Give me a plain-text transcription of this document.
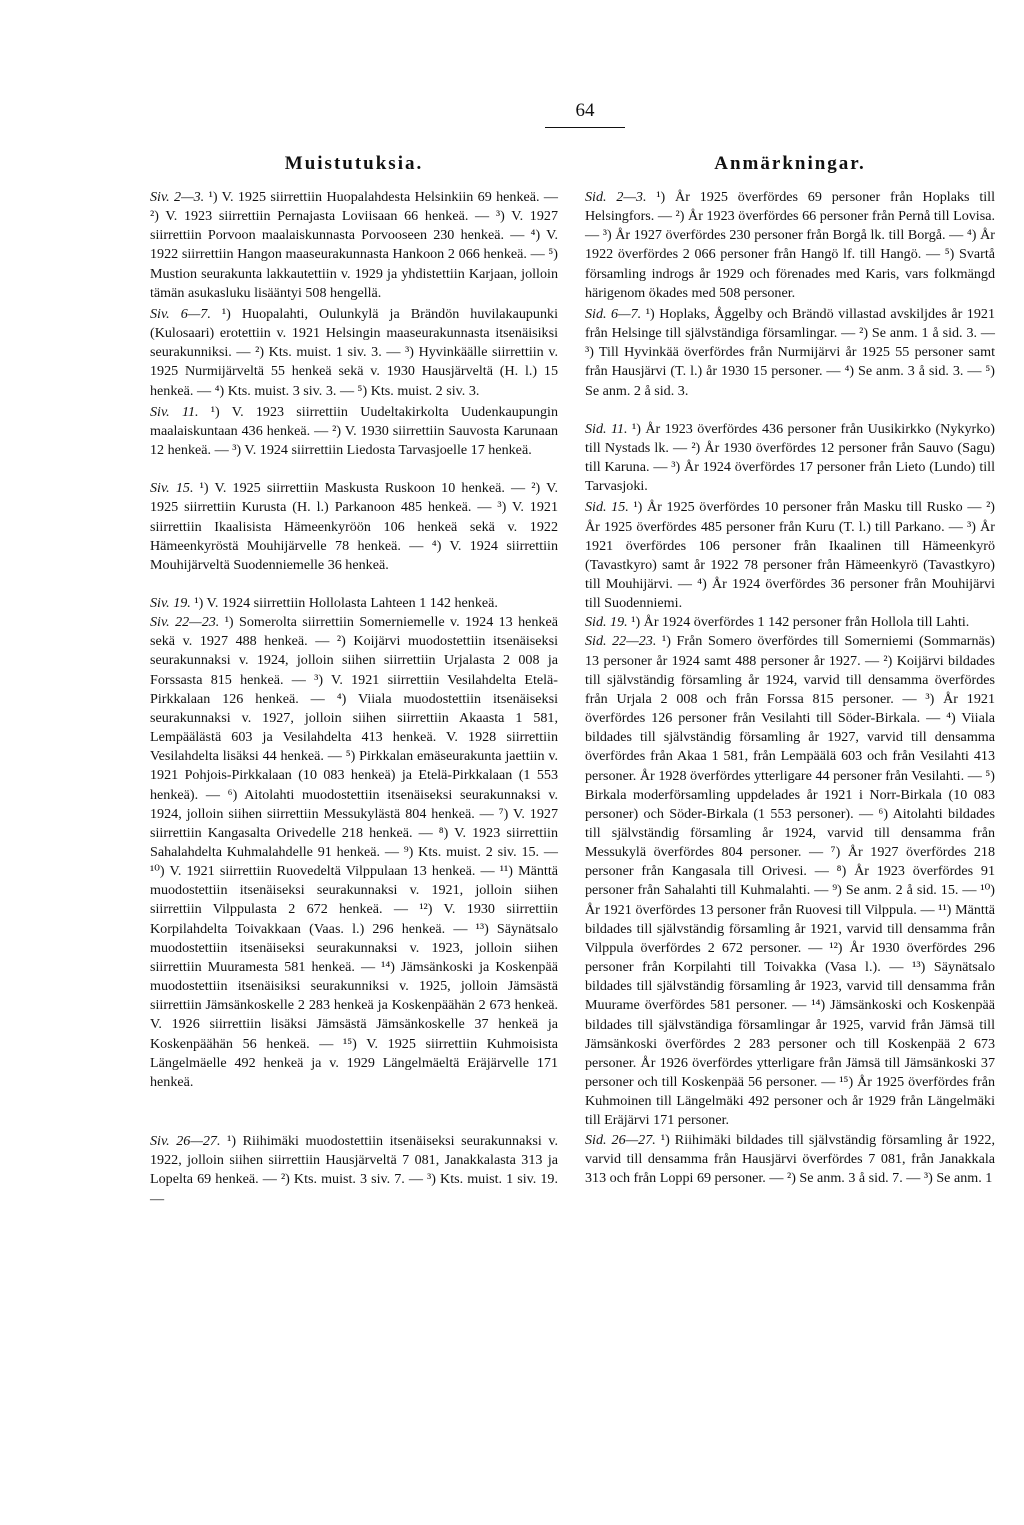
64
Muistutuksia.

Siv. 2—3. ¹) V. 1925 siirrettiin Huopalahdesta Helsinkiin 69 henkeä. — ²) V. 1923 siirrettiin Pernajasta Loviisaan 66 henkeä. — ³) V. 1927 siirrettiin Porvoon maalaiskunnasta Porvooseen 230 henkeä. — ⁴) V. 1922 siirrettiin Hangon maaseurakunnasta Hankoon 2 066 henkeä. — ⁵) Mustion seurakunta lakkautettiin v. 1929 ja yhdistettiin Karjaan, jolloin tämän asukasluku lisääntyi 508 hengellä.

Siv. 6—7. ¹) Huopalahti, Oulunkylä ja Brändön huvilakaupunki (Kulosaari) erotettiin v. 1921 Helsingin maaseurakunnasta itsenäisiksi seurakunniksi. — ²) Kts. muist. 1 siv. 3. — ³) Hyvinkäälle siirrettiin v. 1925 Nurmijärveltä 55 henkeä sekä v. 1930 Hausjärveltä (H. l.) 15 henkeä. — ⁴) Kts. muist. 3 siv. 3. — ⁵) Kts. muist. 2 siv. 3.

Siv. 11. ¹) V. 1923 siirrettiin Uudeltakirkolta Uudenkaupungin maalaiskuntaan 436 henkeä. — ²) V. 1930 siirrettiin Sauvosta Karunaan 12 henkeä. — ³) V. 1924 siirrettiin Liedosta Tarvasjoelle 17 henkeä.

Siv. 15. ¹) V. 1925 siirrettiin Maskusta Ruskoon 10 henkeä. — ²) V. 1925 siirrettiin Kurusta (H. l.) Parkanoon 485 henkeä. — ³) V. 1921 siirrettiin Ikaalisista Hämeenkyröön 106 henkeä sekä v. 1922 Hämeenkyröstä Mouhijärvelle 78 henkeä. — ⁴) V. 1924 siirrettiin Mouhijärveltä Suodenniemelle 36 henkeä.

Siv. 19. ¹) V. 1924 siirrettiin Hollolasta Lahteen 1 142 henkeä.

Siv. 22—23. ¹) Somerolta siirrettiin Somerniemelle v. 1924 13 henkeä sekä v. 1927 488 henkeä. — ²) Koijärvi muodostettiin itsenäiseksi seurakunnaksi v. 1924, jolloin siihen siirrettiin Urjalasta 2 008 ja Forssasta 815 henkeä. — ³) V. 1921 siirrettiin Vesilahdelta Etelä-Pirkkalaan 126 henkeä. — ⁴) Viiala muodostettiin itsenäiseksi seurakunnaksi v. 1927, jolloin siihen siirrettiin Akaasta 1 581, Lempäälästä 603 ja Vesilahdelta 413 henkeä. V. 1928 siirrettiin Vesilahdelta lisäksi 44 henkeä. — ⁵) Pirkkalan emäseurakunta jaettiin v. 1921 Pohjois-Pirkkalaan (10 083 henkeä) ja Etelä-Pirkkalaan (1 553 henkeä). — ⁶) Aitolahti muodostettiin itsenäiseksi seurakunnaksi v. 1924, jolloin siihen siirrettiin Messukylästä 804 henkeä. — ⁷) V. 1927 siirrettiin Kangasalta Orivedelle 218 henkeä. — ⁸) V. 1923 siirrettiin Sahalahdelta Kuhmalahdelle 91 henkeä. — ⁹) Kts. muist. 2 siv. 15. — ¹⁰) V. 1921 siirrettiin Ruovedeltä Vilppulaan 13 henkeä. — ¹¹) Mänttä muodostettiin itsenäiseksi seurakunnaksi v. 1921, jolloin siihen siirrettiin Vilppulasta 2 672 henkeä. — ¹²) V. 1930 siirrettiin Korpilahdelta Toivakkaan (Vaas. l.) 296 henkeä. — ¹³) Säynätsalo muodostettiin itsenäiseksi seurakunnaksi v. 1923, jolloin siihen siirrettiin Muuramesta 581 henkeä. — ¹⁴) Jämsänkoski ja Koskenpää muodostettiin itsenäisiksi seurakunniksi v. 1925, jolloin Jämsästä siirrettiin Jämsänkoskelle 2 283 henkeä ja Koskenpäähän 2 673 henkeä. V. 1926 siirrettiin lisäksi Jämsästä Jämsänkoskelle 37 henkeä ja Koskenpäähän 56 henkeä. — ¹⁵) V. 1925 siirrettiin Kuhmoisista Längelmäelle 492 henkeä ja v. 1929 Längelmäeltä Eräjärvelle 171 henkeä.

Siv. 26—27. ¹) Riihimäki muodostettiin itsenäiseksi seurakunnaksi v. 1922, jolloin siihen siirrettiin Hausjärveltä 7 081, Janakkalasta 313 ja Lopelta 69 henkeä. — ²) Kts. muist. 3 siv. 7. — ³) Kts. muist. 1 siv. 19. —

Anmärkningar.

Sid. 2—3. ¹) År 1925 överfördes 69 personer från Hoplaks till Helsingfors. — ²) År 1923 överfördes 66 personer från Pernå till Lovisa. — ³) År 1927 överfördes 230 personer från Borgå lk. till Borgå. — ⁴) År 1922 överfördes 2 066 personer från Hangö lf. till Hangö. — ⁵) Svartå församling indrogs år 1929 och förenades med Karis, vars folkmängd härigenom ökades med 508 personer.

Sid. 6—7. ¹) Hoplaks, Åggelby och Brändö villastad avskiljdes år 1921 från Helsinge till självständiga församlingar. — ²) Se anm. 1 å sid. 3. — ³) Till Hyvinkää överfördes från Nurmijärvi år 1925 55 personer samt från Hausjärvi (T. l.) år 1930 15 personer. — ⁴) Se anm. 3 å sid. 3. — ⁵) Se anm. 2 å sid. 3.

Sid. 11. ¹) År 1923 överfördes 436 personer från Uusikirkko (Nykyrko) till Nystads lk. — ²) År 1930 överfördes 12 personer från Sauvo (Sagu) till Karuna. — ³) År 1924 överfördes 17 personer från Lieto (Lundo) till Tarvasjoki.

Sid. 15. ¹) År 1925 överfördes 10 personer från Masku till Rusko — ²) År 1925 överfördes 485 personer från Kuru (T. l.) till Parkano. — ³) År 1921 överfördes 106 personer från Ikaalinen till Hämeenkyrö (Tavastkyro) samt år 1922 78 personer från Hämeenkyrö (Tavastkyro) till Mouhijärvi. — ⁴) År 1924 överfördes 36 personer från Mouhijärvi till Suodenniemi.

Sid. 19. ¹) År 1924 överfördes 1 142 personer från Hollola till Lahti.

Sid. 22—23. ¹) Från Somero överfördes till Somerniemi (Sommarnäs) 13 personer år 1924 samt 488 personer år 1927. — ²) Koijärvi bildades till självständig församling år 1924, varvid till densamma överfördes från Urjala 2 008 och från Forssa 815 personer. — ³) År 1921 överfördes 126 personer från Vesilahti till Söder-Birkala. — ⁴) Viiala bildades till självständig församling år 1927, varvid till densamma överfördes från Akaa 1 581, från Lempäälä 603 och från Vesilahti 413 personer. År 1928 överfördes ytterligare 44 personer från Vesilahti. — ⁵) Birkala moderförsamling uppdelades år 1921 i Norr-Birkala (10 083 personer) och Söder-Birkala (1 553 personer). — ⁶) Aitolahti bildades till självständig församling år 1924, varvid till densamma från Messukylä överfördes 804 personer. — ⁷) År 1927 överfördes 218 personer från Kangasala till Orivesi. — ⁸) År 1923 överfördes 91 personer från Sahalahti till Kuhmalahti. — ⁹) Se anm. 2 å sid. 15. — ¹⁰) År 1921 överfördes 13 personer från Ruovesi till Vilppula. — ¹¹) Mänttä bildades till självständig församling år 1921, varvid till densamma från Vilppula överfördes 2 672 personer. — ¹²) År 1930 överfördes 296 personer från Korpilahti till Toivakka (Vasa l.). — ¹³) Säynätsalo bildades till självständig församling år 1923, varvid till densamma från Muurame överfördes 581 personer. — ¹⁴) Jämsänkoski och Koskenpää bildades till självständiga församlingar år 1925, varvid från Jämsä till Jämsänkoski överfördes 2 283 personer och till Koskenpää 2 673 personer. År 1926 överfördes ytterligare från Jämsä till Jämsänkoski 37 personer och till Koskenpää 56 personer. — ¹⁵) År 1925 överfördes från Kuhmoinen till Längelmäki 492 personer och år 1929 från Längelmäki till Eräjärvi 171 personer.

Sid. 26—27. ¹) Riihimäki bildades till självständig församling år 1922, varvid till densamma från Hausjärvi överfördes 7 081, från Janakkala 313 och från Loppi 69 personer. — ²) Se anm. 3 å sid. 7. — ³) Se anm. 1
